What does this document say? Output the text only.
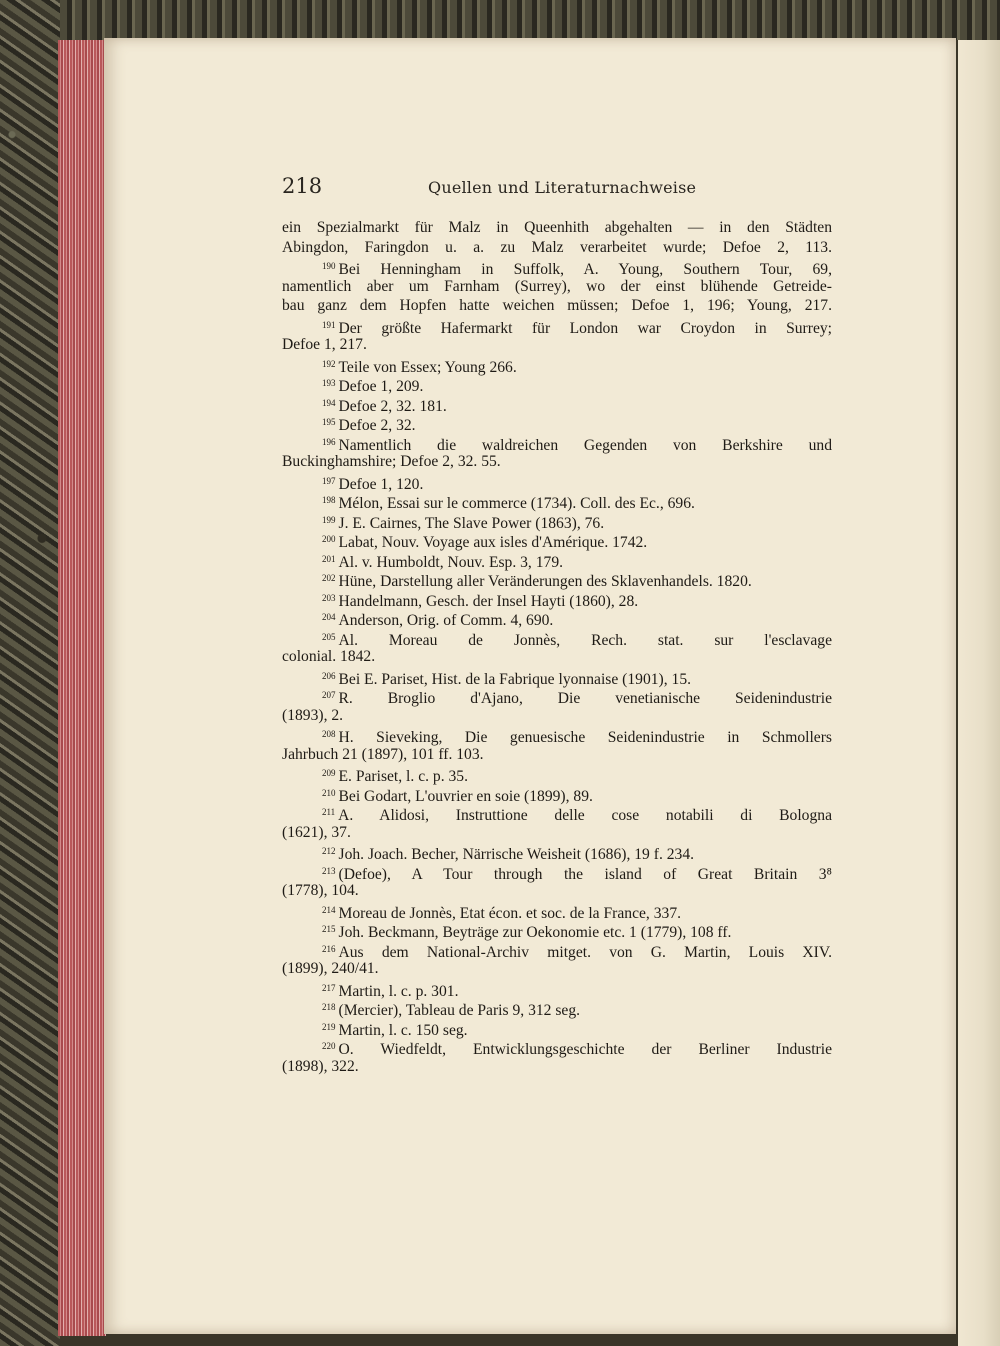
218	Quellen und Literaturnachweise
ein Spezialmarkt für Malz in Queenhith abgehalten — in den Städten
Abingdon, Faringdon u. a. zu Malz verarbeitet wurde; Defoe 2, 113.
$^{190}$ Bei Henningham in Suffolk, A. Young, Southern Tour, 69,
namentlich aber um Farnham (Surrey), wo der einst blühende Getreide-
bau ganz dem Hopfen hatte weichen müssen; Defoe 1, 196; Young, 217.
$^{191}$ Der größte Hafermarkt für London war Croydon in Surrey;
Defoe 1, 217.
$^{192}$ Teile von Essex; Young 266.
$^{193}$ Defoe 1, 209.
$^{194}$ Defoe 2, 32. 181.
$^{195}$ Defoe 2, 32.
$^{196}$ Namentlich die waldreichen Gegenden von Berkshire und
Buckinghamshire; Defoe 2, 32. 55.
$^{197}$ Defoe 1, 120.
$^{198}$ Mélon, Essai sur le commerce (1734). Coll. des Ec., 696.
$^{199}$ J. E. Cairnes, The Slave Power (1863), 76.
$^{200}$ Labat, Nouv. Voyage aux isles d'Amérique. 1742.
$^{201}$ Al. v. Humboldt, Nouv. Esp. 3, 179.
$^{202}$ Hüne, Darstellung aller Veränderungen des Sklavenhandels. 1820.
$^{203}$ Handelmann, Gesch. der Insel Hayti (1860), 28.
$^{204}$ Anderson, Orig. of Comm. 4, 690.
$^{205}$ Al. Moreau de Jonnès, Rech. stat. sur l'esclavage
colonial. 1842.
$^{206}$ Bei E. Pariset, Hist. de la Fabrique lyonnaise (1901), 15.
$^{207}$ R. Broglio d'Ajano, Die venetianische Seidenindustrie
(1893), 2.
$^{208}$ H. Sieveking, Die genuesische Seidenindustrie in Schmollers
Jahrbuch 21 (1897), 101 ff. 103.
$^{209}$ E. Pariset, l. c. p. 35.
$^{210}$ Bei Godart, L'ouvrier en soie (1899), 89.
$^{211}$ A. Alidosi, Instruttione delle cose notabili di Bologna
(1621), 37.
$^{212}$ Joh. Joach. Becher, Närrische Weisheit (1686), 19 f. 234.
$^{213}$ (Defoe), A Tour through the island of Great Britain 3⁸
(1778), 104.
$^{214}$ Moreau de Jonnès, Etat écon. et soc. de la France, 337.
$^{215}$ Joh. Beckmann, Beyträge zur Oekonomie etc. 1 (1779), 108 ff.
$^{216}$ Aus dem National-Archiv mitget. von G. Martin, Louis XIV.
(1899), 240/41.
$^{217}$ Martin, l. c. p. 301.
$^{218}$ (Mercier), Tableau de Paris 9, 312 seg.
$^{219}$ Martin, l. c. 150 seg.
$^{220}$ O. Wiedfeldt, Entwicklungsgeschichte der Berliner Industrie
(1898), 322.
